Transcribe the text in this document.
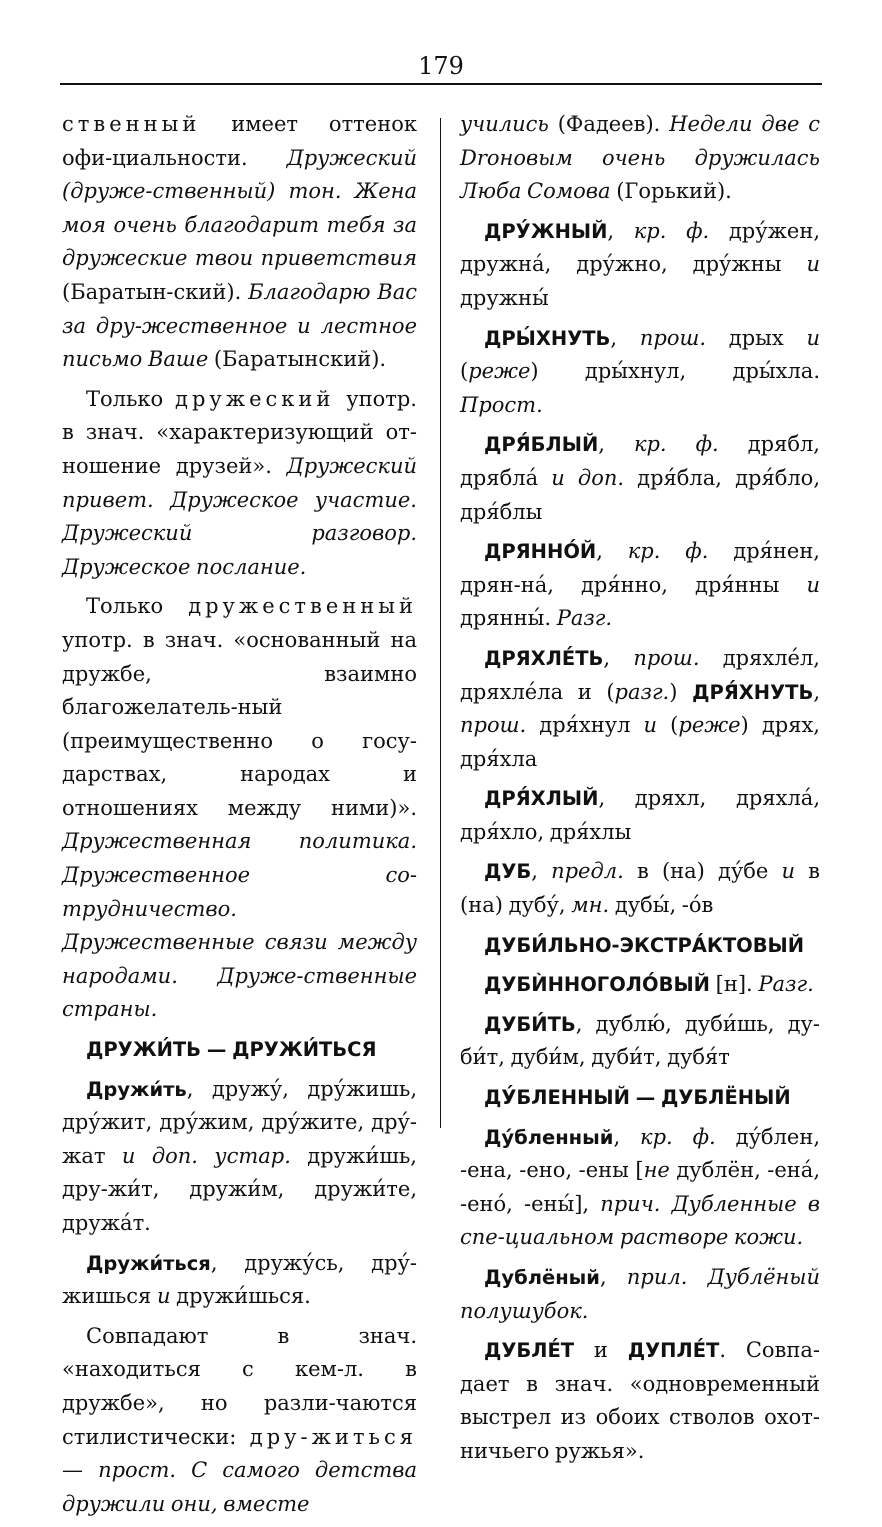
179

ственный имеет оттенок офи-циальности. Дружеский (друже-ственный) тон. Жена моя очень благодарит тебя за дружеские твои приветствия (Баратын-ский). Благодарю Вас за дру-жественное и лестное письмо Ваше (Баратынский).

Только дружеский употр. в знач. «характеризующий от-ношение друзей». Дружеский привет. Дружеское участие. Дружеский разговор. Дружеское послание.

Только дружественный употр. в знач. «основанный на дружбе, взаимно благожелатель-ный (преимущественно о госу-дарствах, народах и отношениях между ними)». Дружественная политика. Дружественное со-трудничество. Дружественные связи между народами. Друже-ственные страны.

ДРУЖИ́ТЬ — ДРУЖИ́ТЬСЯ

Дружи́ть, дружу́, дру́жишь, дру́жит, дру́жим, дру́жите, дру́-жат и доп. устар. дружи́шь, дру-жи́т, дружи́м, дружи́те, дружа́т.

Дружи́ться, дружу́сь, дру́-жишься и дружи́шься.

Совпадают в знач. «находиться с кем-л. в дружбе», но разли-чаются стилистически: дру-житься — прост. С самого детства дружили они, вместе

учились (Фадеев). Недели две с Droновым очень дружилась Люба Сомова (Горький).

ДРУ́ЖНЫЙ, кр. ф. дру́жен, дружна́, дру́жно, дру́жны и дружны́

ДРЫ́ХНУТЬ, прош. дрых и (реже) дры́хнул, дры́хла. Прост.

ДРЯ́БЛЫЙ, кр. ф. дрябл, дрябла́ и доп. дря́бла, дря́бло, дря́блы

ДРЯННО́Й, кр. ф. дря́нен, дрян-на́, дря́нно, дря́нны и дрянны́. Разг.

ДРЯХЛЕ́ТЬ, прош. дряхле́л, дряхле́ла и (разг.) ДРЯ́ХНУТЬ, прош. дря́хнул и (реже) дрях, дря́хла

ДРЯ́ХЛЫЙ, дряхл, дряхла́, дря́хло, дря́хлы

ДУБ, предл. в (на) ду́бе и в (на) дубу́, мн. дубы́, -о́в

ДУБИ́ЛЬНО-ЭКСТРА́КТОВЫЙ

ДУБЍННОГОЛО́ВЫЙ [н]. Разг.

ДУБИ́ТЬ, дублю́, дуби́шь, ду-би́т, дуби́м, дуби́т, дубя́т

ДУ́БЛЕННЫЙ — ДУБЛЁНЫЙ

Ду́бленный, кр. ф. ду́блен, -ена, -ено, -ены [не дублён, -ена́, -ено́, -ены́], прич. Дубленные в спе-циальном растворе кожи.

Дублёный, прил. Дублёный полушубок.

ДУБЛЕ́Т и ДУПЛЕ́Т. Совпа-дает в знач. «одновременный выстрел из обоих стволов охот-ничьего ружья».
